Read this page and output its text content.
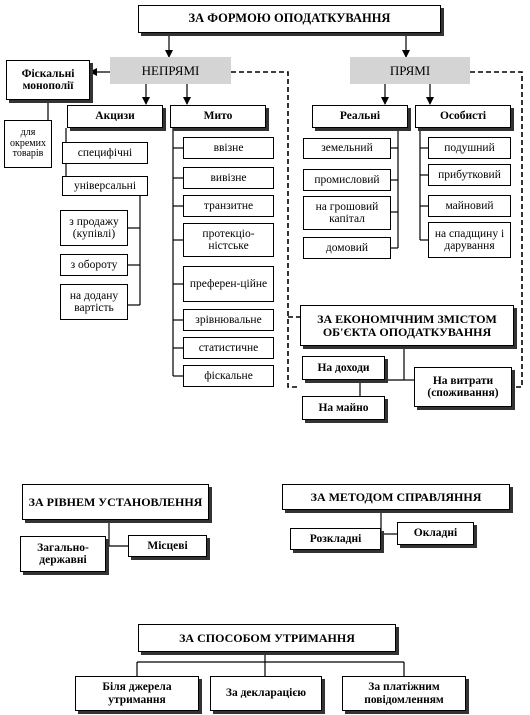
ЗА ФОРМОЮ ОПОДАТКУВАННЯ
НЕПРЯМІ	ПРЯМІ
Фіскальні монополії
для окремих товарів
Акцизи
специфічні
універсальні
з продажу (купівлі)
з обороту
на додану вартість
Мито
ввізне
вивізне
транзитне
протекціо-ністське
преферен-ційне
зрівнювальне
статистичне
фіскальне
Реальні
земельний
промисловий
на грошовий капітал
домовий
Особисті
подушний
прибутковий
майновий
на спадщину і дарування
ЗА ЕКОНОМІЧНИМ ЗМІСТОМ ОБ'ЄКТА ОПОДАТКУВАННЯ
На доходи
На майно
На витрати (споживання)
ЗА РІВНЕМ УСТАНОВЛЕННЯ
Загально-державні
Місцеві
ЗА МЕТОДОМ СПРАВЛЯННЯ
Розкладні	Окладні
ЗА СПОСОБОМ УТРИМАННЯ
Біля джерела утримання
За декларацією
За платіжним повідомленням
